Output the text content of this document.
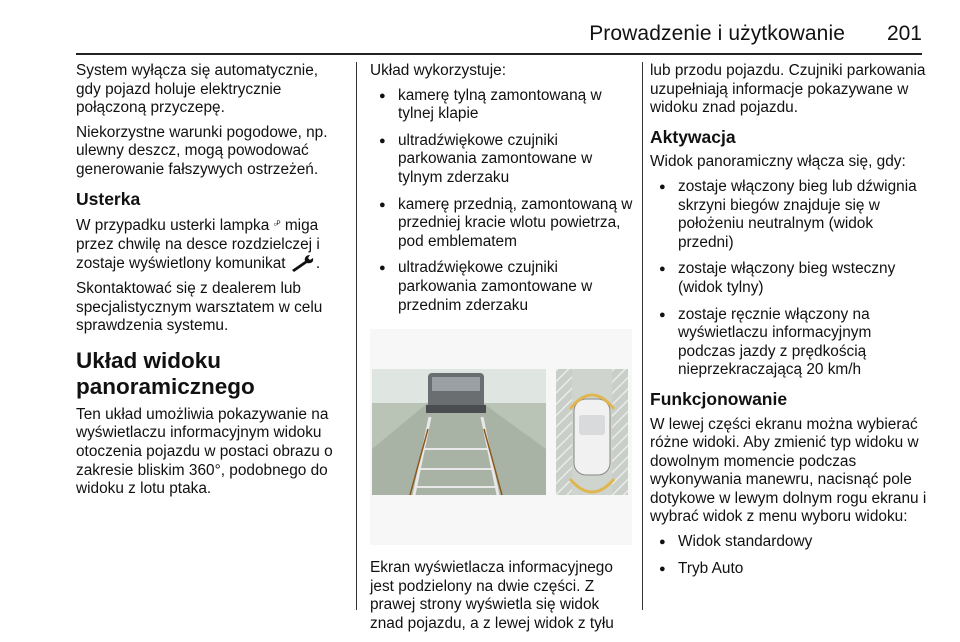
Prowadzenie i użytkowanie 201

System wyłącza się automatycznie, gdy pojazd holuje elektrycznie połączoną przyczepę.

Niekorzystne warunki pogodowe, np. ulewny deszcz, mogą powodować generowanie fałszywych ostrzeżeń.

Usterka

W przypadku usterki lampka ▫ᴾ miga przez chwilę na desce rozdzielczej i zostaje wyświetlony komunikat .

Skontaktować się z dealerem lub specjalistycznym warsztatem w celu sprawdzenia systemu.

Układ widoku panoramicznego

Ten układ umożliwia pokazywanie na wyświetlaczu informacyjnym widoku otoczenia pojazdu w postaci obrazu o zakresie bliskim 360°, podobnego do widoku z lotu ptaka.

Układ wykorzystuje:

● kamerę tylną zamontowaną w tylnej klapie
● ultradźwiękowe czujniki parkowania zamontowane w tylnym zderzaku
● kamerę przednią, zamontowaną w przedniej kracie wlotu powietrza, pod emblematem
● ultradźwiękowe czujniki parkowania zamontowane w przednim zderzaku

Ekran wyświetlacza informacyjnego jest podzielony na dwie części. Z prawej strony wyświetla się widok znad pojazdu, a z lewej widok z tyłu

lub przodu pojazdu. Czujniki parkowania uzupełniają informacje pokazywane w widoku znad pojazdu.

Aktywacja

Widok panoramiczny włącza się, gdy:

● zostaje włączony bieg lub dźwignia skrzyni biegów znajduje się w położeniu neutralnym (widok przedni)
● zostaje włączony bieg wsteczny (widok tylny)
● zostaje ręcznie włączony na wyświetlaczu informacyjnym podczas jazdy z prędkością nieprzekraczającą 20 km/h
Funkcjonowanie

W lewej części ekranu można wybierać różne widoki. Aby zmienić typ widoku w dowolnym momencie podczas wykonywania manewru, nacisnąć pole dotykowe w lewym dolnym rogu ekranu i wybrać widok z menu wyboru widoku:

● Widok standardowy
● Tryb Auto
